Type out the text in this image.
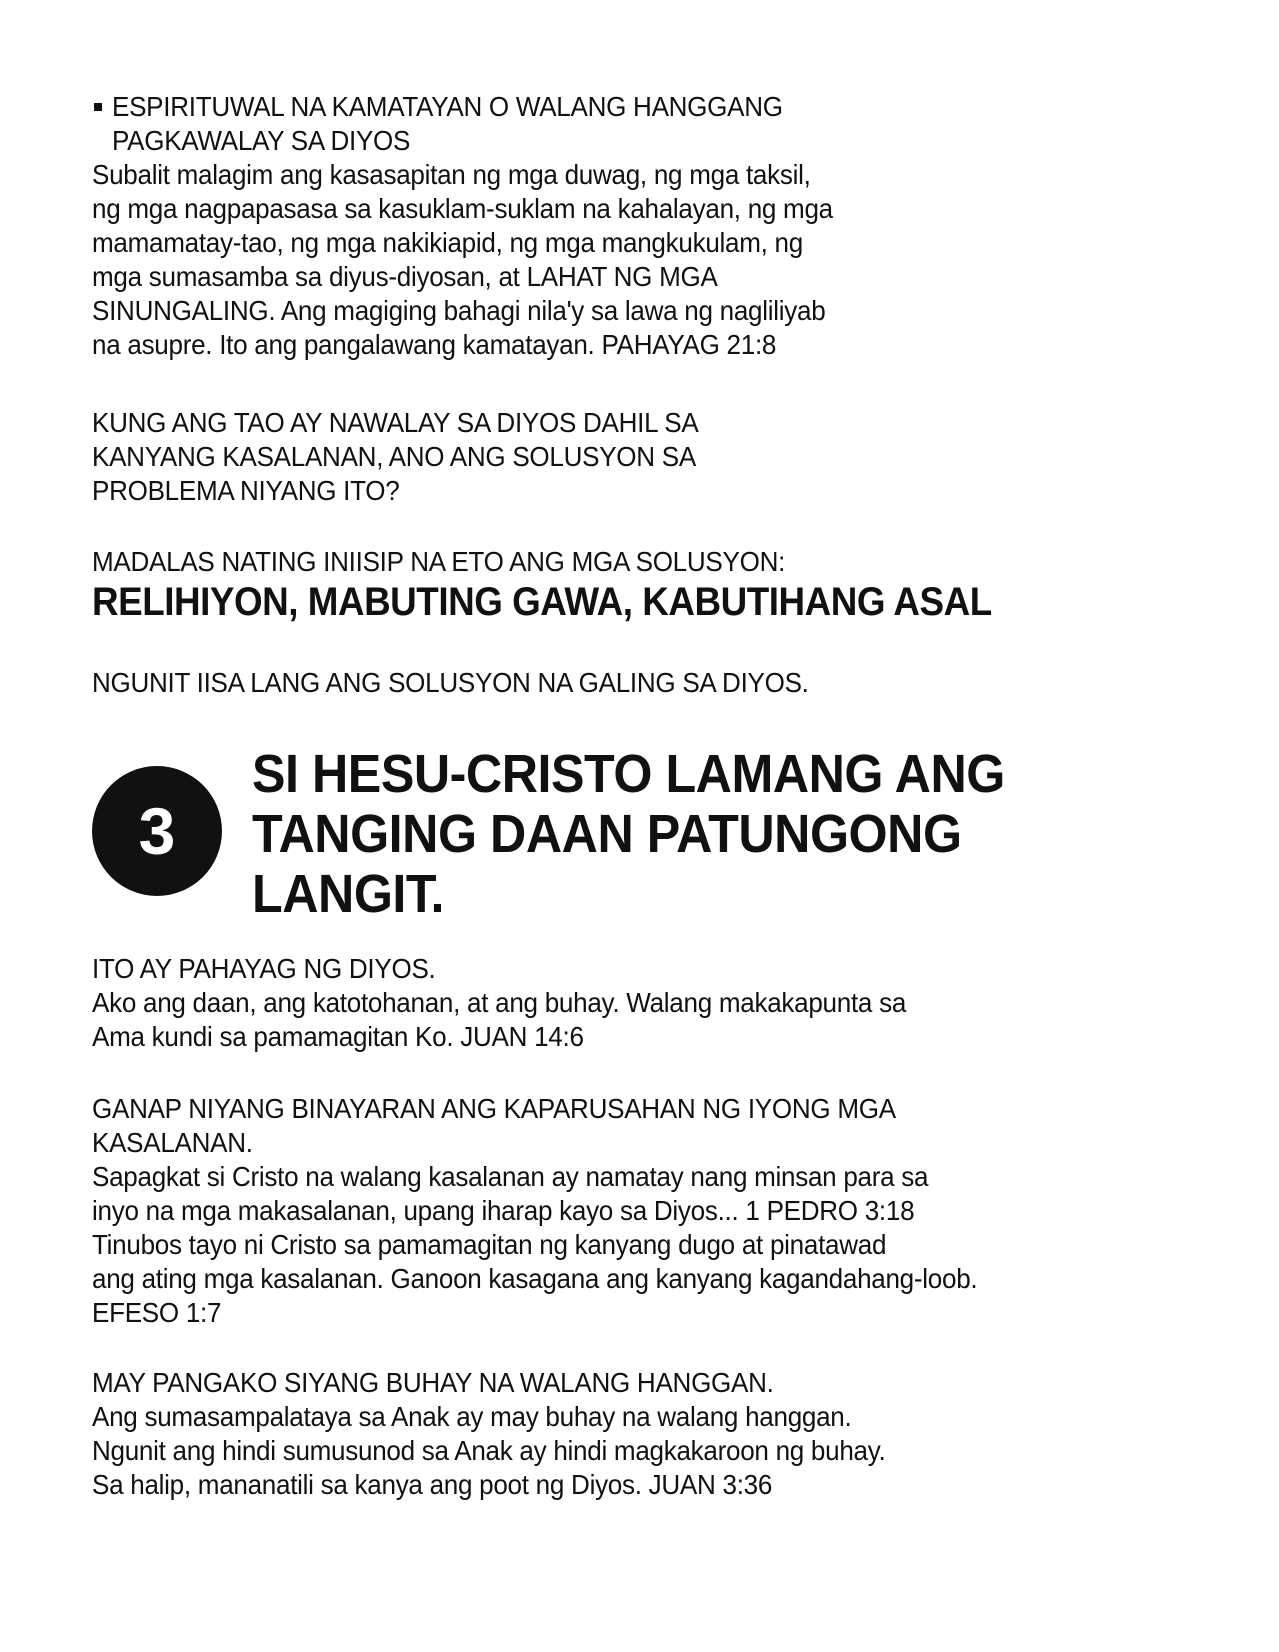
ESPIRITUWAL NA KAMATAYAN O WALANG HANGGANG
PAGKAWALAY SA DIYOS
Subalit malagim ang kasasapitan ng mga duwag, ng mga taksil,
ng mga nagpapasasa sa kasuklam-suklam na kahalayan, ng mga
mamamatay-tao, ng mga nakikiapid, ng mga mangkukulam, ng
mga sumasamba sa diyus-diyosan, at LAHAT NG MGA
SINUNGALING. Ang magiging bahagi nila'y sa lawa ng nagliliyab
na asupre. Ito ang pangalawang kamatayan. PAHAYAG 21:8
KUNG ANG TAO AY NAWALAY SA DIYOS DAHIL SA
KANYANG KASALANAN, ANO ANG SOLUSYON SA
PROBLEMA NIYANG ITO?
MADALAS NATING INIISIP NA ETO ANG MGA SOLUSYON:
RELIHIYON, MABUTING GAWA, KABUTIHANG ASAL
NGUNIT IISA LANG ANG SOLUSYON NA GALING SA DIYOS.
3
SI HESU-CRISTO LAMANG ANG
TANGING DAAN PATUNGONG
LANGIT.
ITO AY PAHAYAG NG DIYOS.
Ako ang daan, ang katotohanan, at ang buhay. Walang makakapunta sa
Ama kundi sa pamamagitan Ko. JUAN 14:6
GANAP NIYANG BINAYARAN ANG KAPARUSAHAN NG IYONG MGA
KASALANAN.
Sapagkat si Cristo na walang kasalanan ay namatay nang minsan para sa
inyo na mga makasalanan, upang iharap kayo sa Diyos... 1 PEDRO 3:18
Tinubos tayo ni Cristo sa pamamagitan ng kanyang dugo at pinatawad
ang ating mga kasalanan. Ganoon kasagana ang kanyang kagandahang-loob.
EFESO 1:7
MAY PANGAKO SIYANG BUHAY NA WALANG HANGGAN.
Ang sumasampalataya sa Anak ay may buhay na walang hanggan.
Ngunit ang hindi sumusunod sa Anak ay hindi magkakaroon ng buhay.
Sa halip, mananatili sa kanya ang poot ng Diyos. JUAN 3:36
